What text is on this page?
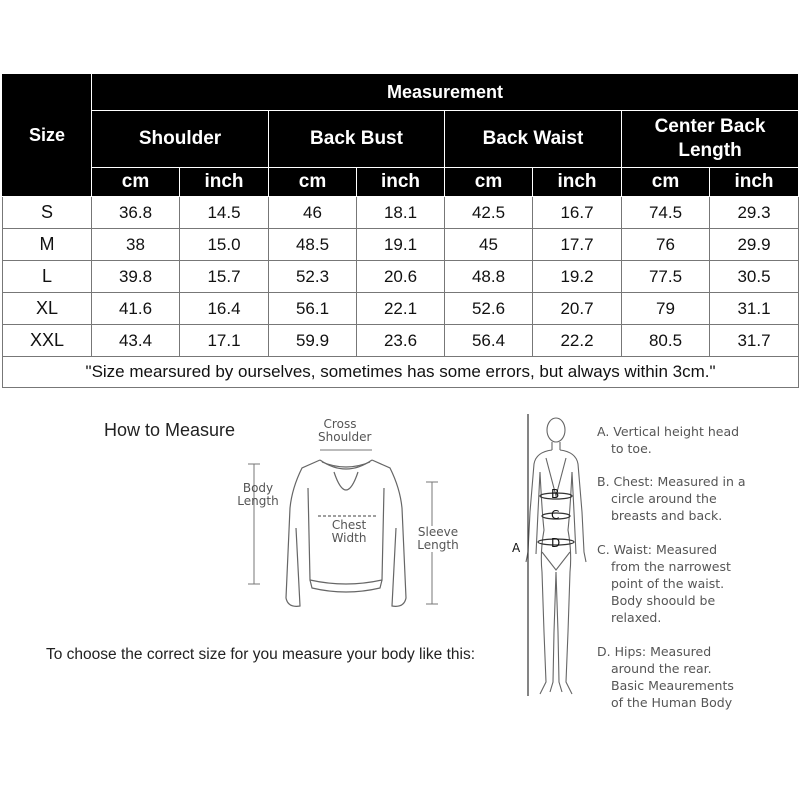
Size	Measurement							
	Shoulder		Back Bust		Back Waist		Center Back Length	
	cm	inch	cm	inch	cm	inch	cm	inch
S	36.8	14.5	46	18.1	42.5	16.7	74.5	29.3
M	38	15.0	48.5	19.1	45	17.7	76	29.9
L	39.8	15.7	52.3	20.6	48.8	19.2	77.5	30.5
XL	41.6	16.4	56.1	22.1	52.6	20.7	79	31.1
XXL	43.4	17.1	59.9	23.6	56.4	22.2	80.5	31.7
"Size mearsured by ourselves, sometimes has some errors, but always within 3cm."								
How to Measure	Cross
Shoulder
Body
Length
Chest
Width	Sleeve
Length
To choose the correct size for you measure your body like this:
A
B
C
D
A. Vertical height head
to toe.
B. Chest: Measured in a
circle around the
breasts and back.
C. Waist: Measured
from the narrowest
point of the waist.
Body shoould be
relaxed.
D. Hips: Measured
around the rear.
Basic Meaurements
of the Human Body
